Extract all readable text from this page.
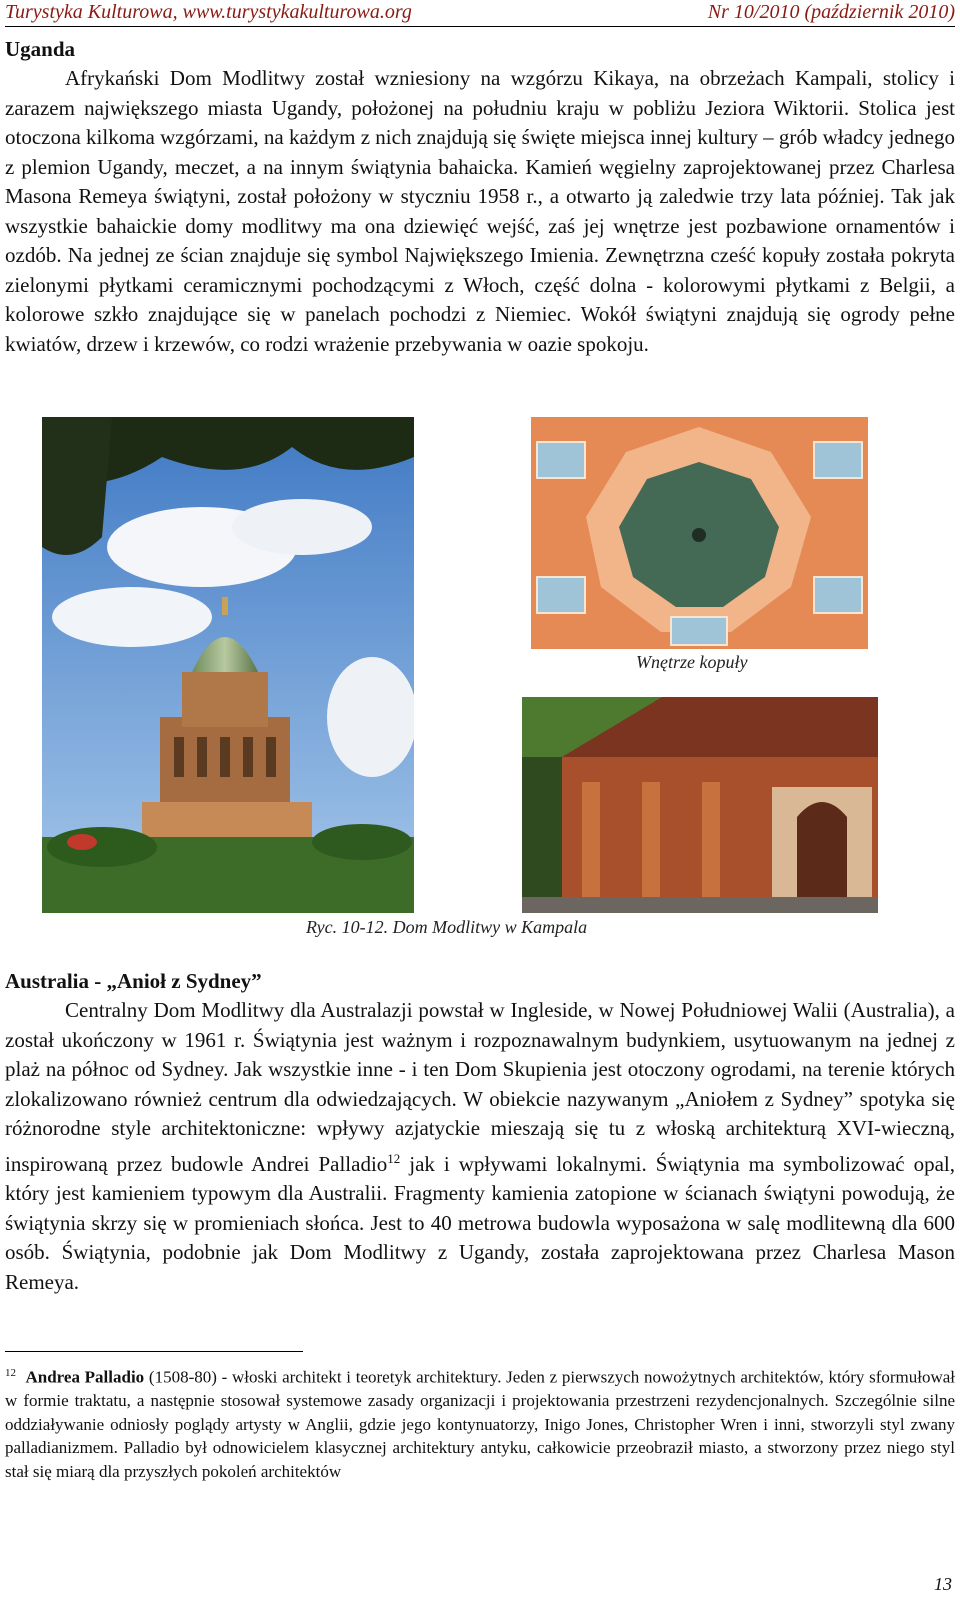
Turystyka Kulturowa, www.turystykakulturowa.org	Nr 10/2010 (październik 2010)
Uganda

Afrykański Dom Modlitwy został wzniesiony na wzgórzu Kikaya, na obrzeżach Kampali, stolicy i zarazem największego miasta Ugandy, położonej na południu kraju w pobliżu Jeziora Wiktorii. Stolica jest otoczona kilkoma wzgórzami, na każdym z nich znajdują się święte miejsca innej kultury – grób władcy jednego z plemion Ugandy, meczet, a na innym świątynia bahaicka. Kamień węgielny zaprojektowanej przez Charlesa Masona Remeya świątyni, został położony w styczniu 1958 r., a otwarto ją zaledwie trzy lata później. Tak jak wszystkie bahaickie domy modlitwy ma ona dziewięć wejść, zaś jej wnętrze jest pozbawione ornamentów i ozdób. Na jednej ze ścian znajduje się symbol Największego Imienia. Zewnętrzna cześć kopuły została pokryta zielonymi płytkami ceramicznymi pochodzącymi z Włoch, część dolna - kolorowymi płytkami z Belgii, a kolorowe szkło znajdujące się w panelach pochodzi z Niemiec. Wokół świątyni znajdują się ogrody pełne kwiatów, drzew i krzewów, co rodzi wrażenie przebywania w oazie spokoju.

Wnętrze kopuły
Ryc. 10-12. Dom Modlitwy w Kampala
Australia - „Anioł z Sydney”

Centralny Dom Modlitwy dla Australazji powstał w Ingleside, w Nowej Południowej Walii (Australia), a został ukończony w 1961 r. Świątynia jest ważnym i rozpoznawalnym budynkiem, usytuowanym na jednej z plaż na północ od Sydney. Jak wszystkie inne - i ten Dom Skupienia jest otoczony ogrodami, na terenie których zlokalizowano również centrum dla odwiedzających. W obiekcie nazywanym „Aniołem z Sydney” spotyka się różnorodne style architektoniczne: wpływy azjatyckie mieszają się tu z włoską architekturą XVI-wieczną, inspirowaną przez budowle Andrei Palladio$^{12}$ jak i wpływami lokalnymi. Świątynia ma symbolizować opal, który jest kamieniem typowym dla Australii. Fragmenty kamienia zatopione w ścianach świątyni powodują, że świątynia skrzy się w promieniach słońca. Jest to 40 metrowa budowla wyposażona w salę modlitewną dla 600 osób. Świątynia, podobnie jak Dom Modlitwy z Ugandy, została zaprojektowana przez Charlesa Mason Remeya.

$^{12}$ Andrea Palladio (1508-80) - włoski architekt i teoretyk architektury. Jeden z pierwszych nowożytnych architektów, który sformułował w formie traktatu, a następnie stosował systemowe zasady organizacji i projektowania przestrzeni rezydencjonalnych. Szczególnie silne oddziaływanie odniosły poglądy artysty w Anglii, gdzie jego kontynuatorzy, Inigo Jones, Christopher Wren i inni, stworzyli styl zwany palladianizmem. Palladio był odnowicielem klasycznej architektury antyku, całkowicie przeobraził miasto, a stworzony przez niego styl stał się miarą dla przyszłych pokoleń architektów

13
